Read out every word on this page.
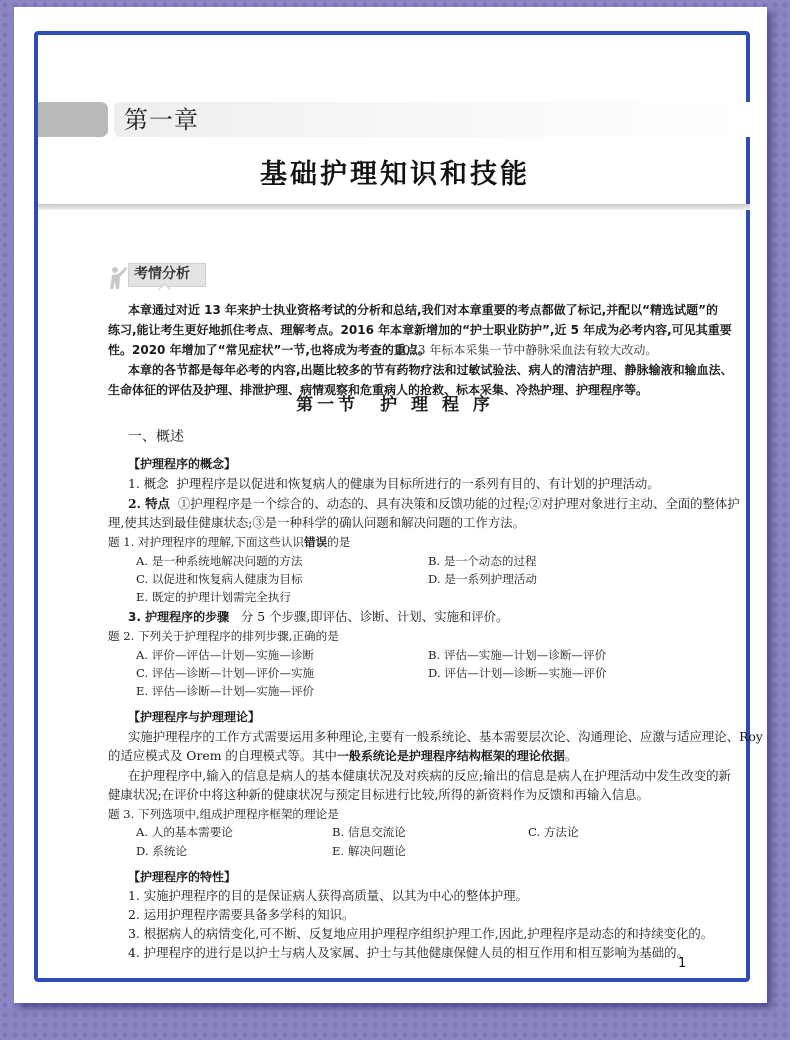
第一章
基础护理知识和技能
考情分析
本章通过对近 13 年来护士执业资格考试的分析和总结,我们对本章重要的考点都做了标记,并配以“精选试题”的
练习,能让考生更好地抓住考点、理解考点。2016 年本章新增加的“护士职业防护”,近 5 年成为必考内容,可见其重要
性。2020 年增加了“常见症状”一节,也将成为考查的重点。
2023 年标本采集一节中静脉采血法有较大改动。
本章的各节都是每年必考的内容,出题比较多的节有药物疗法和过敏试验法、病人的清洁护理、静脉输液和输血法、
生命体征的评估及护理、排泄护理、病情观察和危重病人的抢救、标本采集、冷热护理、护理程序等。
第一节　护 理 程 序
一、概述
【护理程序的概念】
1. 概念 护理程序是以促进和恢复病人的健康为目标所进行的一系列有目的、有计划的护理活动。
2. 特点 ①护理程序是一个综合的、动态的、具有决策和反馈功能的过程;②对护理对象进行主动、全面的整体护
理,使其达到最佳健康状态;③是一种科学的确认问题和解决问题的工作方法。
题 1. 对护理程序的理解,下面这些认识错误的是
A. 是一种系统地解决问题的方法	B. 是一个动态的过程
C. 以促进和恢复病人健康为目标	D. 是一系列护理活动
E. 既定的护理计划需完全执行
3. 护理程序的步骤 分 5 个步骤,即评估、诊断、计划、实施和评价。
题 2. 下列关于护理程序的排列步骤,正确的是
A. 评价—评估—计划—实施—诊断	B. 评估—实施—计划—诊断—评价
C. 评估—诊断—计划—评价—实施	D. 评估—计划—诊断—实施—评价
E. 评估—诊断—计划—实施—评价
【护理程序与护理理论】
实施护理程序的工作方式需要运用多种理论,主要有一般系统论、基本需要层次论、沟通理论、应激与适应理论、Roy
的适应模式及 Orem 的自理模式等。其中一般系统论是护理程序结构框架的理论依据。
在护理程序中,输入的信息是病人的基本健康状况及对疾病的反应;输出的信息是病人在护理活动中发生改变的新
健康状况;在评价中将这种新的健康状况与预定目标进行比较,所得的新资料作为反馈和再输入信息。
题 3. 下列选项中,组成护理程序框架的理论是
A. 人的基本需要论	B. 信息交流论	C. 方法论
D. 系统论	E. 解决问题论
【护理程序的特性】
1. 实施护理程序的目的是保证病人获得高质量、以其为中心的整体护理。
2. 运用护理程序需要具备多学科的知识。
3. 根据病人的病情变化,可不断、反复地应用护理程序组织护理工作,因此,护理程序是动态的和持续变化的。
4. 护理程序的进行是以护士与病人及家属、护士与其他健康保健人员的相互作用和相互影响为基础的。
1
